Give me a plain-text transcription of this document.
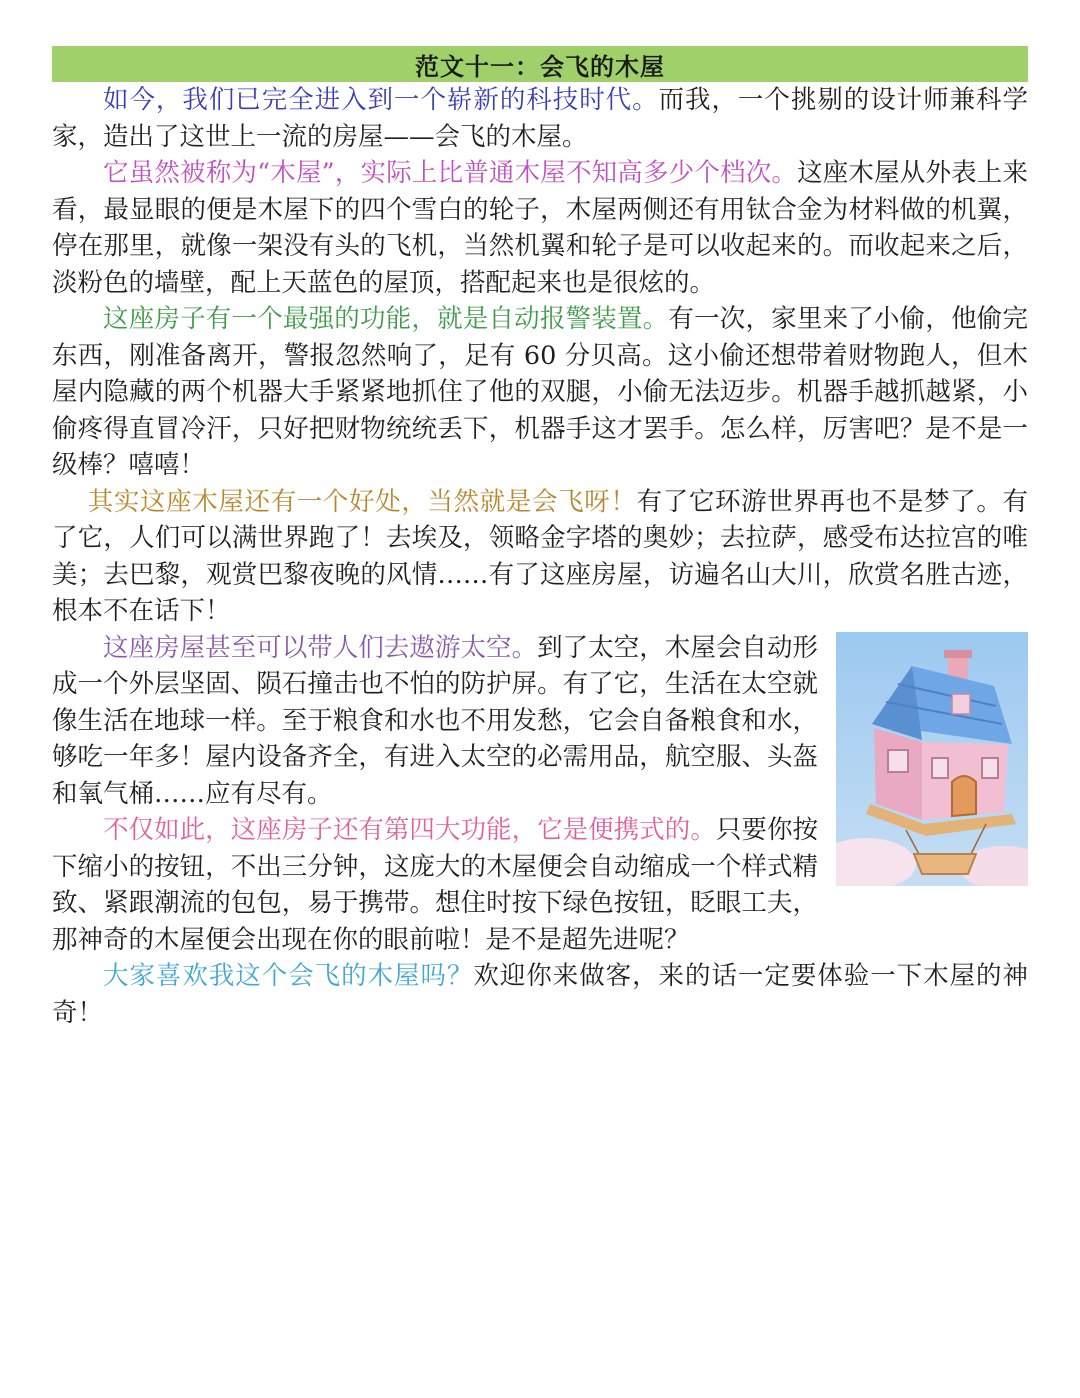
范文十一：会飞的木屋

如今，我们已完全进入到一个崭新的科技时代。而我，一个挑剔的设计师兼科学家，造出了这世上一流的房屋——会飞的木屋。

它虽然被称为“木屋”，实际上比普通木屋不知高多少个档次。这座木屋从外表上来看，最显眼的便是木屋下的四个雪白的轮子，木屋两侧还有用钛合金为材料做的机翼，停在那里，就像一架没有头的飞机，当然机翼和轮子是可以收起来的。而收起来之后，淡粉色的墙壁，配上天蓝色的屋顶，搭配起来也是很炫的。

这座房子有一个最强的功能，就是自动报警装置。有一次，家里来了小偷，他偷完东西，刚准备离开，警报忽然响了，足有 60 分贝高。这小偷还想带着财物跑人，但木屋内隐藏的两个机器大手紧紧地抓住了他的双腿，小偷无法迈步。机器手越抓越紧，小偷疼得直冒冷汗，只好把财物统统丢下，机器手这才罢手。怎么样，厉害吧？是不是一级棒？嘻嘻！

其实这座木屋还有一个好处，当然就是会飞呀！有了它环游世界再也不是梦了。有了它，人们可以满世界跑了！去埃及，领略金字塔的奥妙；去拉萨，感受布达拉宫的唯美；去巴黎，观赏巴黎夜晚的风情……有了这座房屋，访遍名山大川，欣赏名胜古迹，根本不在话下！

这座房屋甚至可以带人们去遨游太空。到了太空，木屋会自动形成一个外层坚固、陨石撞击也不怕的防护屏。有了它，生活在太空就像生活在地球一样。至于粮食和水也不用发愁，它会自备粮食和水，够吃一年多！屋内设备齐全，有进入太空的必需用品，航空服、头盔和氧气桶……应有尽有。

不仅如此，这座房子还有第四大功能，它是便携式的。只要你按下缩小的按钮，不出三分钟，这庞大的木屋便会自动缩成一个样式精致、紧跟潮流的包包，易于携带。想住时按下绿色按钮，眨眼工夫，那神奇的木屋便会出现在你的眼前啦！是不是超先进呢？

大家喜欢我这个会飞的木屋吗？欢迎你来做客，来的话一定要体验一下木屋的神奇！
